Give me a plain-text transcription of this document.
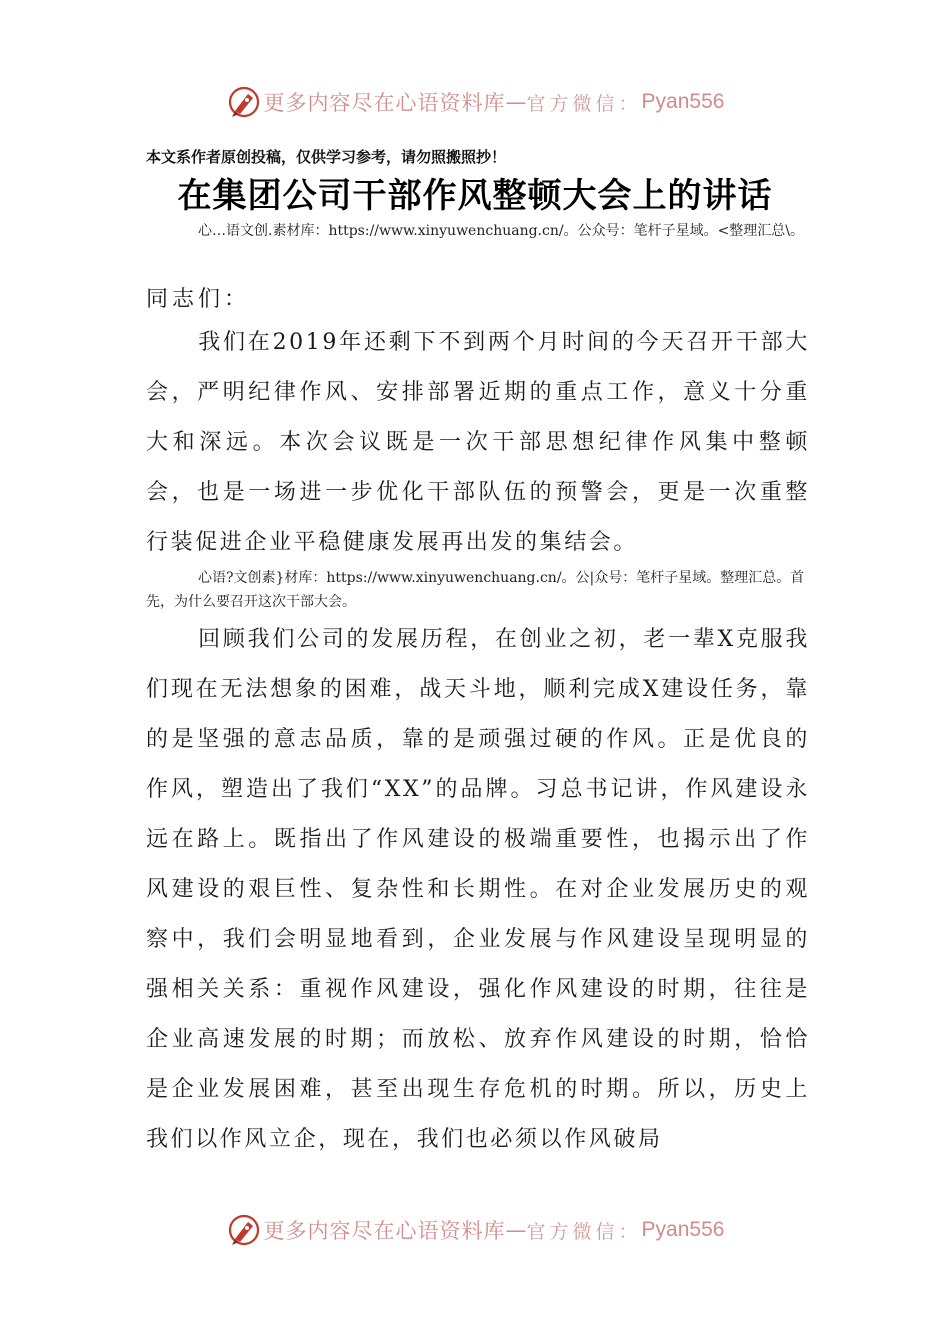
更多内容尽在心语资料库 — 官方微信： Pyan556
本文系作者原创投稿，仅供学习参考，请勿照搬照抄！
在集团公司干部作风整顿大会上的讲话
心…语文创.素材库：https://www.xinyuwenchuang.cn/。公众号：笔杆子星域。<整理汇总\。
同志们：
我们在2019年还剩下不到两个月时间的今天召开干部大会，严明纪律作风、安排部署近期的重点工作，意义十分重大和深远。本次会议既是一次干部思想纪律作风集中整顿会，也是一场进一步优化干部队伍的预警会，更是一次重整行装促进企业平稳健康发展再出发的集结会。
心语?文创素}材库：https://www.xinyuwenchuang.cn/。公|众号：笔杆子星域。整理汇总。首先，为什么要召开这次干部大会。
回顾我们公司的发展历程，在创业之初，老一辈X克服我们现在无法想象的困难，战天斗地，顺利完成X建设任务，靠的是坚强的意志品质，靠的是顽强过硬的作风。正是优良的作风，塑造出了我们“XX”的品牌。习总书记讲，作风建设永远在路上。既指出了作风建设的极端重要性，也揭示出了作风建设的艰巨性、复杂性和长期性。在对企业发展历史的观察中，我们会明显地看到，企业发展与作风建设呈现明显的强相关关系：重视作风建设，强化作风建设的时期，往往是企业高速发展的时期；而放松、放弃作风建设的时期，恰恰是企业发展困难，甚至出现生存危机的时期。所以，历史上我们以作风立企，现在，我们也必须以作风破局
更多内容尽在心语资料库 — 官方微信： Pyan556
